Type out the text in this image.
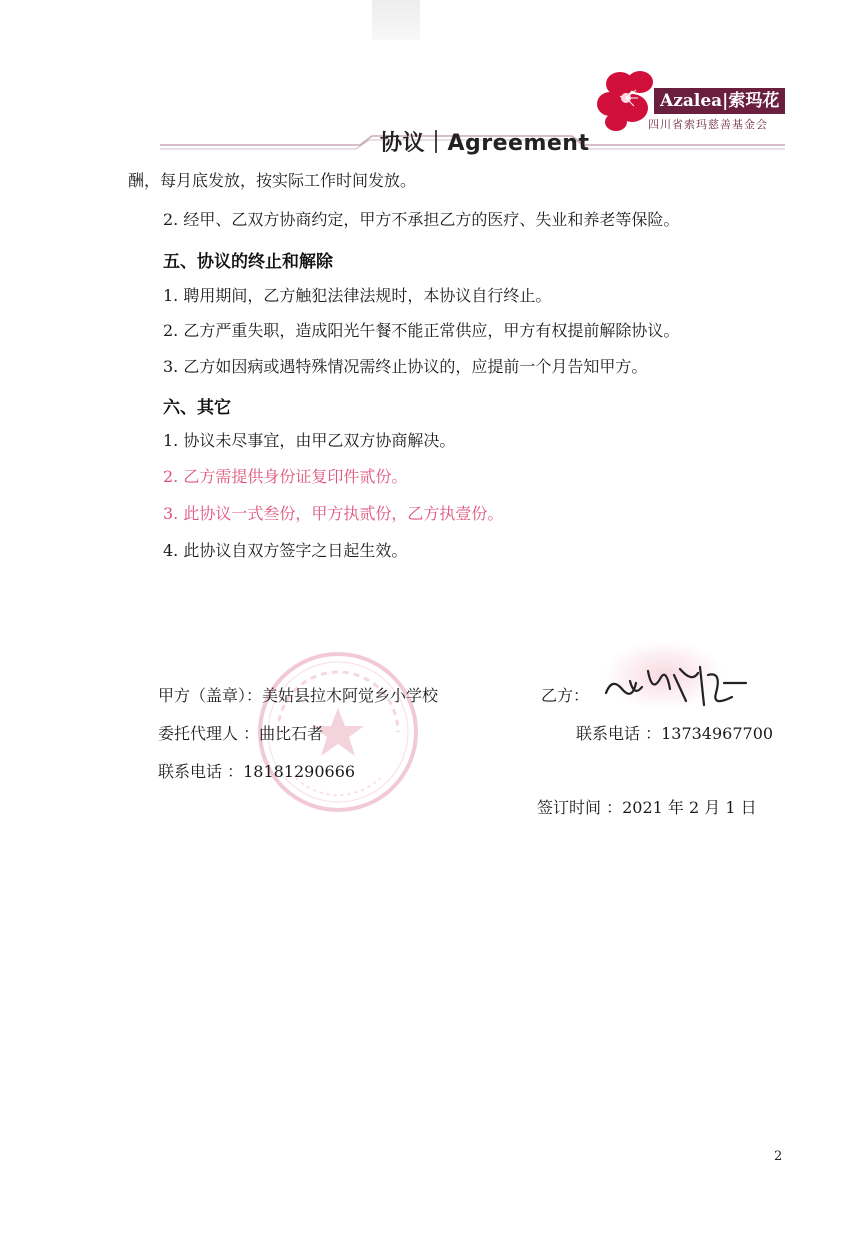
协议｜Agreement
Azalea|索玛花
四川省索玛慈善基金会
酬，每月底发放，按实际工作时间发放。
2. 经甲、乙双方协商约定，甲方不承担乙方的医疗、失业和养老等保险。
五、协议的终止和解除
1. 聘用期间，乙方触犯法律法规时，本协议自行终止。
2. 乙方严重失职，造成阳光午餐不能正常供应，甲方有权提前解除协议。
3. 乙方如因病或遇特殊情况需终止协议的，应提前一个月告知甲方。
六、其它
1. 协议未尽事宜，由甲乙双方协商解决。
2. 乙方需提供身份证复印件贰份。
3. 此协议一式叁份，甲方执贰份，乙方执壹份。
4. 此协议自双方签字之日起生效。
甲方（盖章）：美姑县拉木阿觉乡小学校	乙方：
委托代理人 ：曲比石者	联系电话 ：13734967700
联系电话 ：18181290666
签订时间 ：2021 年 2 月 1 日
2
